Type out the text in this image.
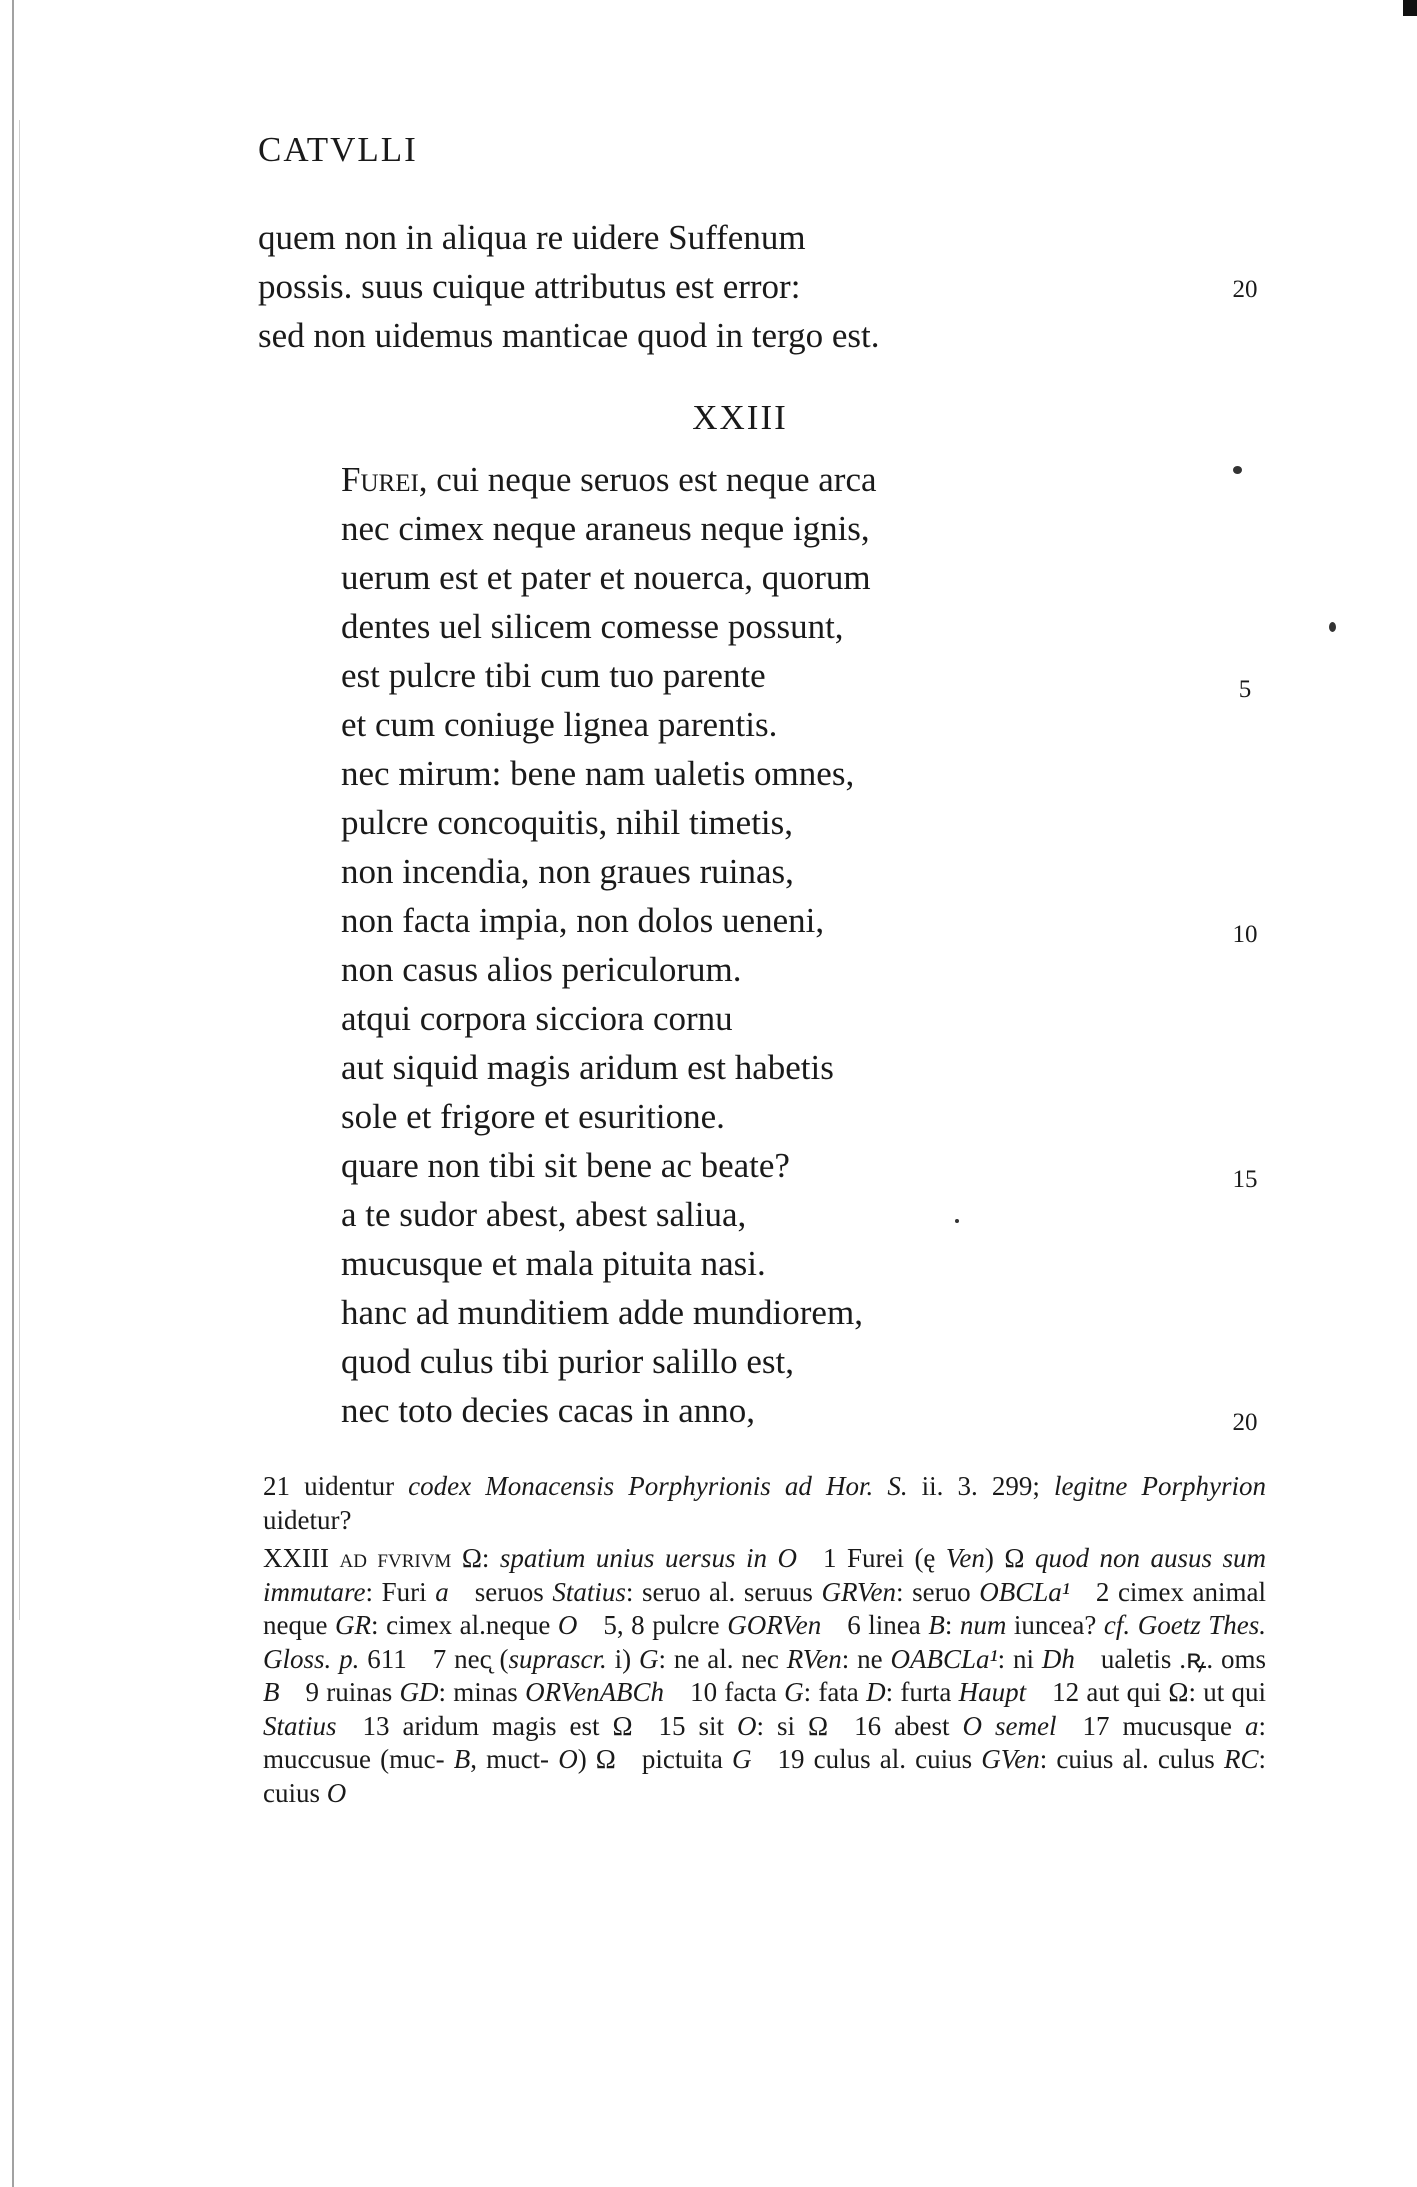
CATVLLI
quem non in aliqua re uidere Suffenum
possis. suus cuique attributus est error:
sed non uidemus manticae quod in tergo est.
20
XXIII
Furei, cui neque seruos est neque arca
nec cimex neque araneus neque ignis,
uerum est et pater et nouerca, quorum
dentes uel silicem comesse possunt,
est pulcre tibi cum tuo parente
et cum coniuge lignea parentis.
nec mirum: bene nam ualetis omnes,
pulcre concoquitis, nihil timetis,
non incendia, non graues ruinas,
non facta impia, non dolos ueneni,
non casus alios periculorum.
atqui corpora sicciora cornu
aut siquid magis aridum est habetis
sole et frigore et esuritione.
quare non tibi sit bene ac beate?
a te sudor abest, abest saliua,
mucusque et mala pituita nasi.
hanc ad munditiem adde mundiorem,
quod culus tibi purior salillo est,
nec toto decies cacas in anno,
5
10
15
20

21 uidentur codex Monacensis Porphyrionis ad Hor. S. ii. 3. 299; legitne Porphyrion uidetur?

XXIII ad fvrivm Ω: spatium unius uersus in O 1 Furei (ę Ven) Ω quod non ausus sum immutare: Furi a seruos Statius: seruo al. seruus GRVen: seruo OBCLa¹ 2 cimex animal neque GR: cimex al.neque O 5, 8 pulcre GORVen 6 linea B: num iuncea? cf. Goetz Thes. Gloss. p. 611 7 nec̨ (suprascr. i) G: ne al. nec RVen: ne OABCLa¹: ni Dh ualetis .ꝶ. oms B 9 ruinas GD: minas ORVenABCh 10 facta G: fata D: furta Haupt 12 aut qui Ω: ut qui Statius 13 aridum magis est Ω 15 sit O: si Ω 16 abest O semel 17 mucusque a: muccusue (muc- B, muct- O) Ω pictuita G 19 culus al. cuius GVen: cuius al. culus RC: cuius O
